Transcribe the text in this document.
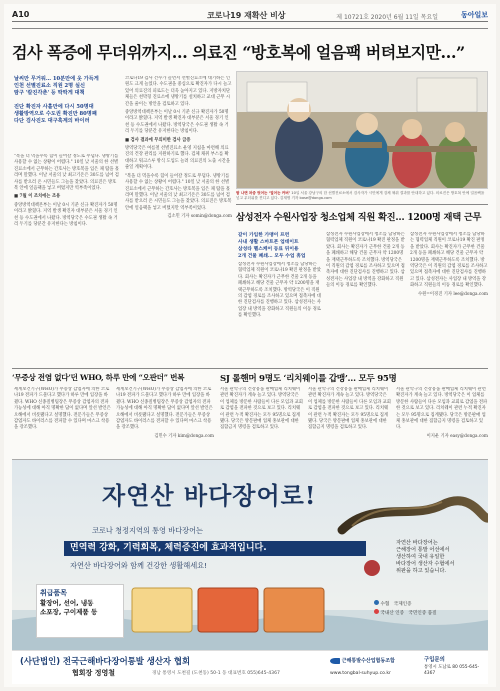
A10	코로나19 재확산 비상	제 10721호 2020년 6월 11일 목요일	동아일보
검사 폭증에 무더위까지… 의료진 “방호복에 얼음팩 버텨보지만…”
날씨만 무거워… 10분만에 옷 가득게
인천 선별진료소 직원 2명 실신
땀구 '칼진각춘' 등 딱딱게 대책
진단 확진자 사흘만에 다시 50명대
생활방역으로 수도권 확진만 80명째
다단 검사진도 대구혹계의 바이러

"복을 더 먹을수록 힘이 들어갈 정도로 무덥다. 냉방기를 사용할 수 없는 상황이 어렵다." 10일 낮 서울의 한 선별진료소에서 근무하는 간호사는 방호복을 입은 채 땀을 흘리며 말했다. 이날 서울의 낮 최고기온은 30도를 넘어 검사를 받으러 온 시민들도 그늘을 찾았다. 의료진은 방호복 안에 얼음팩을 넣고 버텼지만 역부족이었다.

■ 7월 이 조치에는 조용

중앙방역대책본부는 이날 0시 기준 신규 확진자가 50명이라고 밝혔다. 지역 발생 확진자 대부분은 서울 경기 인천 등 수도권에서 나왔다. 방역당국은 수도권 생활 속 거리 두기를 당분간 유지한다는 방침이다.

코로나19 검사 건수가 늘면서 선별진료소에 대기하는 인원도 크게 늘었다. 수도권을 중심으로 확진자가 다시 늘고 있어 의료진의 피로도는 더욱 높아지고 있다. 지방자치단체들은 천막형 진료소에 냉방기를 설치하고 교대 근무 시간을 줄이는 방안을 검토하고 있다.

중앙방역대책본부는 이날 0시 기준 신규 확진자가 50명이라고 밝혔다. 지역 발생 확진자 대부분은 서울 경기 인천 등 수도권에서 나왔다. 방역당국은 수도권 생활 속 거리 두기를 당분간 유지한다는 방침이다.

■ 검사 결과에 무의미한 검사 급증

방역당국은 여름철 선별진료소 운영 지침을 마련해 의료진의 건강 관리를 지원하기로 했다. 검체 채취 부스를 확대하고 워크스루 방식 도입도 늘려 의료진의 노출 시간을 줄일 계획이다.

"복을 더 먹을수록 힘이 들어갈 정도로 무덥다. 냉방기를 사용할 수 없는 상황이 어렵다." 10일 낮 서울의 한 선별진료소에서 근무하는 간호사는 방호복을 입은 채 땀을 흘리며 말했다. 이날 서울의 낮 최고기온은 30도를 넘어 검사를 받으러 온 시민들도 그늘을 찾았다. 의료진은 방호복 안에 얼음팩을 넣고 버텼지만 역부족이었다.

김소민 기자 somin@donga.com

땀 나면 차증 벗어는 ‘얼어는 커버’ 10일 서울 강남구의 한 선별진료소에서 검사자가 시민에게 검체 채취 결과를 안내하고 있다. 의료진은 방호복 안에 얼음팩을 넣고 무더위를 견디고 있다. 김재명 기자 base@donga.com
삼성전자 수원사업장 청소업체 직원 확진… 1200명 재택 근무
같이 가입한 가맹이 프런
사내 생활 스마트폰 업데이트
삼성타 헬스케어 동료 뒤이용
2개 건물 폐쇄… 모두 수업 휴업

삼성전자 수원사업장에서 청소를 담당하는 협력업체 직원이 코로나19 확진 판정을 받았다. 회사는 확진자가 근무한 건물 2개 동을 폐쇄하고 해당 건물 근무자 약 1200명을 재택근무하도록 조치했다. 방역당국은 이 직원의 감염 경로를 조사하고 있으며 접촉자에 대한 진단검사를 진행하고 있다. 삼성전자는 사업장 내 방역을 강화하고 직원들의 이동 경로를 확인했다.

삼성전자 수원사업장에서 청소를 담당하는 협력업체 직원이 코로나19 확진 판정을 받았다. 회사는 확진자가 근무한 건물 2개 동을 폐쇄하고 해당 건물 근무자 약 1200명을 재택근무하도록 조치했다. 방역당국은 이 직원의 감염 경로를 조사하고 있으며 접촉자에 대한 진단검사를 진행하고 있다. 삼성전자는 사업장 내 방역을 강화하고 직원들의 이동 경로를 확인했다.

삼성전자 수원사업장에서 청소를 담당하는 협력업체 직원이 코로나19 확진 판정을 받았다. 회사는 확진자가 근무한 건물 2개 동을 폐쇄하고 해당 건물 근무자 약 1200명을 재택근무하도록 조치했다. 방역당국은 이 직원의 감염 경로를 조사하고 있으며 접촉자에 대한 진단검사를 진행하고 있다. 삼성전자는 사업장 내 방역을 강화하고 직원들의 이동 경로를 확인했다.

수원=이경진 기자 lee@donga.com

‘무증상 전염 없다’던 WHO, 하루 만에 “오판더” 번복

세계보건기구(WHO)가 무증상 감염자에 의한 코로나19 전파가 드물다고 했다가 하루 만에 입장을 바꿨다. WHO 신종질병팀장은 무증상 감염자의 전파 가능성에 대해 아직 명확한 답이 없다며 앞선 발언은 오해에서 비롯됐다고 설명했다. 전문가들은 무증상 감염자도 바이러스를 전파할 수 있다며 마스크 착용을 강조했다.

세계보건기구(WHO)가 무증상 감염자에 의한 코로나19 전파가 드물다고 했다가 하루 만에 입장을 바꿨다. WHO 신종질병팀장은 무증상 감염자의 전파 가능성에 대해 아직 명확한 답이 없다며 앞선 발언은 오해에서 비롯됐다고 설명했다. 전문가들은 무증상 감염자도 바이러스를 전파할 수 있다며 마스크 착용을 강조했다.

김민수 기자 kim@donga.com

SJ 롤핸머 9명도 ‘리치웨이를 갑맹’… 모두 95명

서울 관악구의 건강용품 판매업체 리치웨이 관련 확진자가 계속 늘고 있다. 방역당국은 이 업체를 방문한 사람들이 다른 모임과 교회로 감염을 전파한 것으로 보고 있다. 리치웨이 관련 누적 확진자는 모두 95명으로 집계됐다. 당국은 방문판매 업체 홍보관에 대한 집합금지 명령을 검토하고 있다.

서울 관악구의 건강용품 판매업체 리치웨이 관련 확진자가 계속 늘고 있다. 방역당국은 이 업체를 방문한 사람들이 다른 모임과 교회로 감염을 전파한 것으로 보고 있다. 리치웨이 관련 누적 확진자는 모두 95명으로 집계됐다. 당국은 방문판매 업체 홍보관에 대한 집합금지 명령을 검토하고 있다.

서울 관악구의 건강용품 판매업체 리치웨이 관련 확진자가 계속 늘고 있다. 방역당국은 이 업체를 방문한 사람들이 다른 모임과 교회로 감염을 전파한 것으로 보고 있다. 리치웨이 관련 누적 확진자는 모두 95명으로 집계됐다. 당국은 방문판매 업체 홍보관에 대한 집합금지 명령을 검토하고 있다.

이지운 기자 easy@donga.com

자연산 바다장어로!
코로나 청정지역의 통영 바다장어는
면역력 강화, 기력회복, 체력증진에 효과적입니다.
자연산 바다장어와 함께 건강한 생활해세요!
취급품목
활장어, 선어, 냉동
소포장, 구이제품 등
자연산 바다장어는
근해장어 통발 어선에서
생산하여 국내 유일한
바다장어 생산자 수협에서
위판을 하고 있습니다.
수협 국제인증
국내산 인증 국민인증 품질
(사단법인) 전국근해바다장어통발 생산자 협회
협회장 정영철	경남 통영시 도천길 (도천동) 50-1 동 대표번호 055)645-4367
근해통발수산업협동조합
www.tongbal-suhyup.co.kr
구입문의
통영시 도남로 80 055-645-4367
